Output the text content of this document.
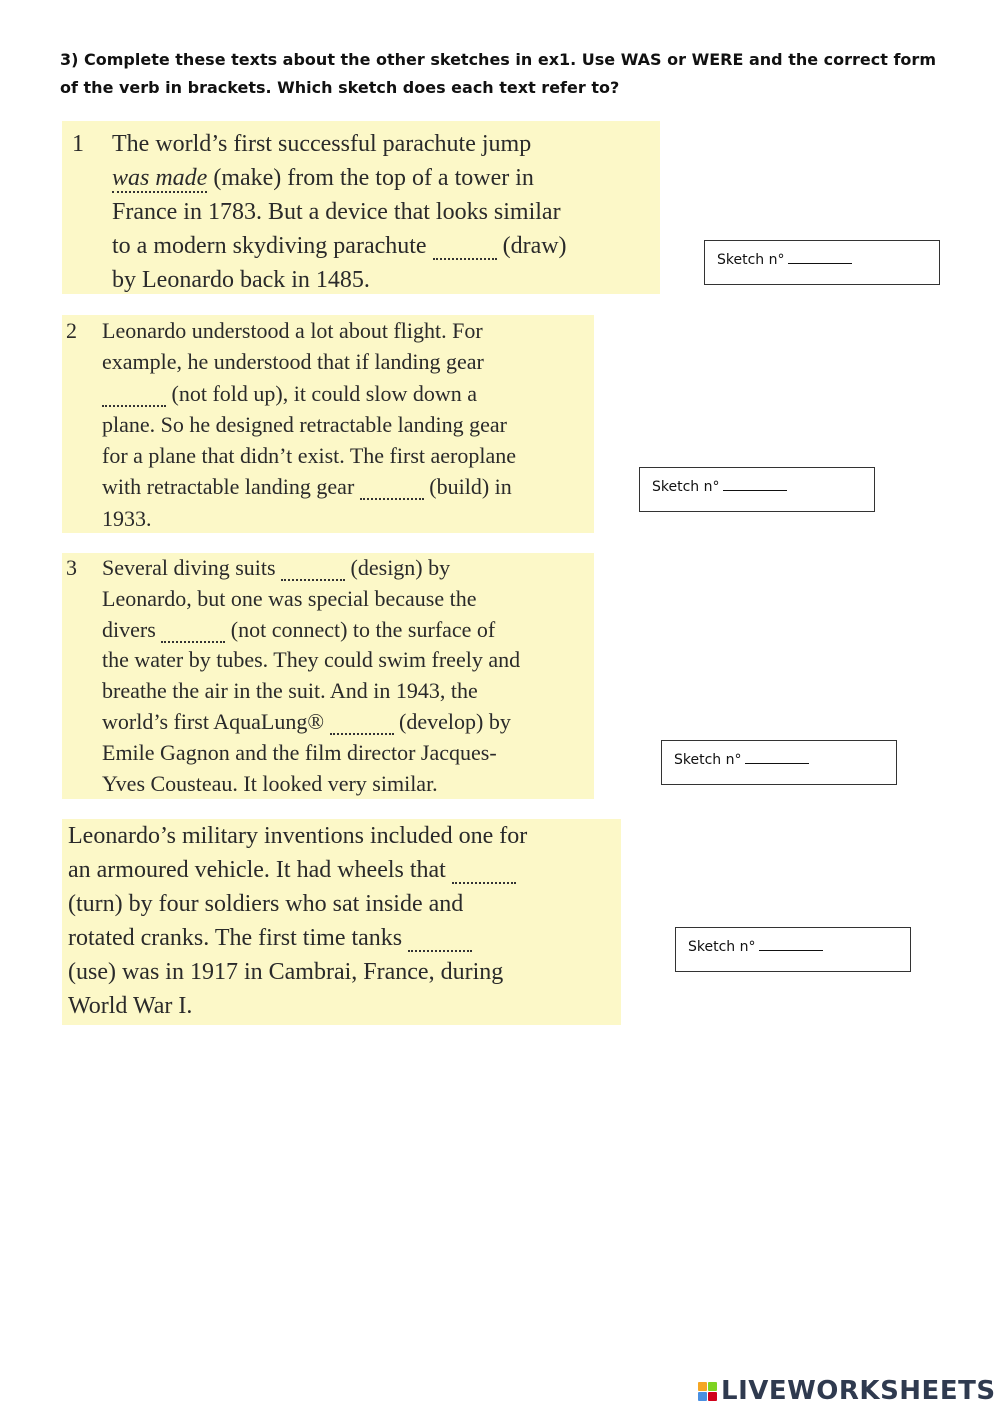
3) Complete these texts about the other sketches in ex1. Use WAS or WERE and the correct form of the verb in brackets. Which sketch does each text refer to?
1 The world’s first successful parachute jump
was made (make) from the top of a tower in
France in 1783. But a device that looks similar
to a modern skydiving parachute	(draw)
by Leonardo back in 1485.
2 Leonardo understood a lot about flight. For
example, he understood that if landing gear
(not fold up), it could slow down a
plane. So he designed retractable landing gear
for a plane that didn’t exist. The first aeroplane
with retractable landing gear	(build) in
1933.
3 Several diving suits	(design) by
Leonardo, but one was special because the
divers	(not connect) to the surface of
the water by tubes. They could swim freely and
breathe the air in the suit. And in 1943, the
world’s first AquaLung®	(develop) by
Emile Gagnon and the film director Jacques-
Yves Cousteau. It looked very similar.
Leonardo’s military inventions included one for
an armoured vehicle. It had wheels that
(turn) by four soldiers who sat inside and
rotated cranks. The first time tanks
(use) was in 1917 in Cambrai, France, during
World War I.
Sketch n°
Sketch n°
Sketch n°
Sketch n°
LIVEWORKSHEETS
